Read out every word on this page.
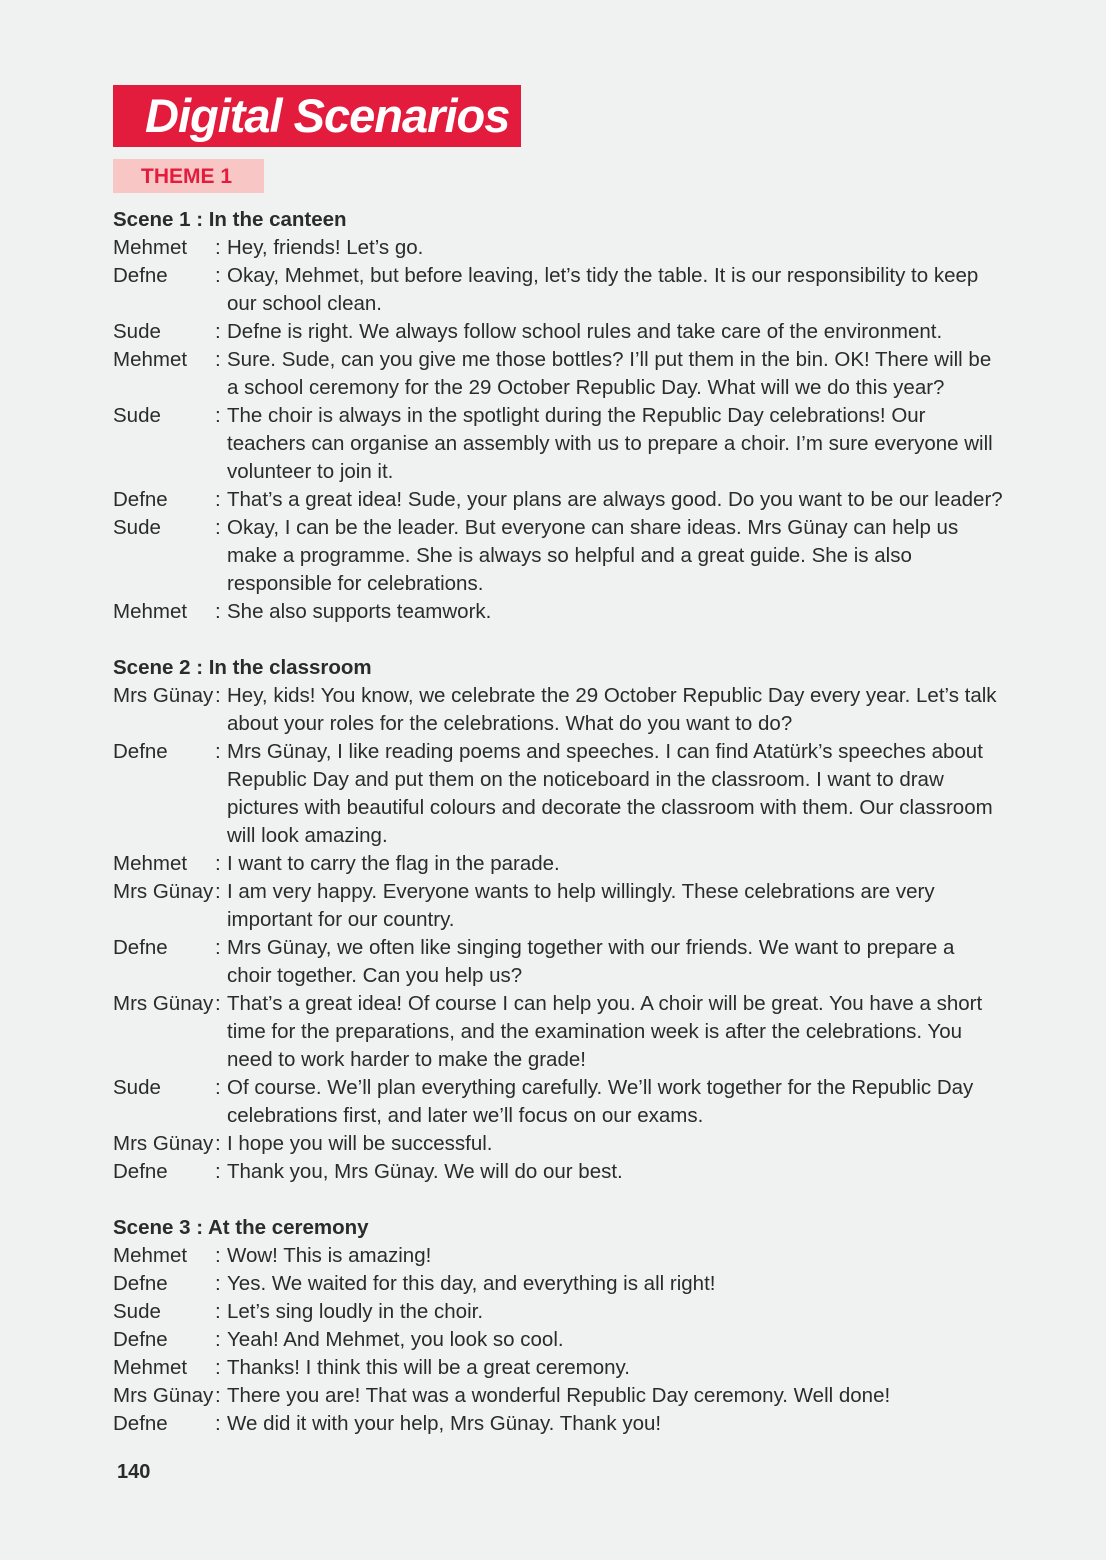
Digital Scenarios
THEME 1
Scene 1 : In the canteen
Mehmet : Hey, friends! Let’s go.
Defne : Okay, Mehmet, but before leaving, let’s tidy the table. It is our responsibility to keep our school clean.
Sude	: Defne is right. We always follow school rules and take care of the environment.
Mehmet : Sure. Sude, can you give me those bottles? I’ll put them in the bin. OK! There will be a school ceremony for the 29 October Republic Day. What will we do this year?
Sude	: The choir is always in the spotlight during the Republic Day celebrations! Our teachers can organise an assembly with us to prepare a choir. I’m sure everyone will volunteer to join it.
Defne : That’s a great idea! Sude, your plans are always good. Do you want to be our leader?
Sude	: Okay, I can be the leader. But everyone can share ideas. Mrs Günay can help us make a programme. She is always so helpful and a great guide. She is also responsible for celebrations.
Mehmet : She also supports teamwork.
Scene 2 : In the classroom
Mrs Günay : Hey, kids! You know, we celebrate the 29 October Republic Day every year. Let’s talk about your roles for the celebrations. What do you want to do?
Defne : Mrs Günay, I like reading poems and speeches. I can find Atatürk’s speeches about Republic Day and put them on the noticeboard in the classroom. I want to draw pictures with beautiful colours and decorate the classroom with them. Our classroom will look amazing.
Mehmet : I want to carry the flag in the parade.
Mrs Günay : I am very happy. Everyone wants to help willingly. These celebrations are very important for our country.
Defne : Mrs Günay, we often like singing together with our friends. We want to prepare a choir together. Can you help us?
Mrs Günay : That’s a great idea! Of course I can help you. A choir will be great. You have a short time for the preparations, and the examination week is after the celebrations. You need to work harder to make the grade!
Sude	: Of course. We’ll plan everything carefully. We’ll work together for the Republic Day celebrations first, and later we’ll focus on our exams.
Mrs Günay : I hope you will be successful.
Defne : Thank you, Mrs Günay. We will do our best.
Scene 3 : At the ceremony
Mehmet : Wow! This is amazing!
Defne : Yes. We waited for this day, and everything is all right!
Sude	: Let’s sing loudly in the choir.
Defne : Yeah! And Mehmet, you look so cool.
Mehmet : Thanks! I think this will be a great ceremony.
Mrs Günay : There you are! That was a wonderful Republic Day ceremony. Well done!
Defne : We did it with your help, Mrs Günay. Thank you!
140
